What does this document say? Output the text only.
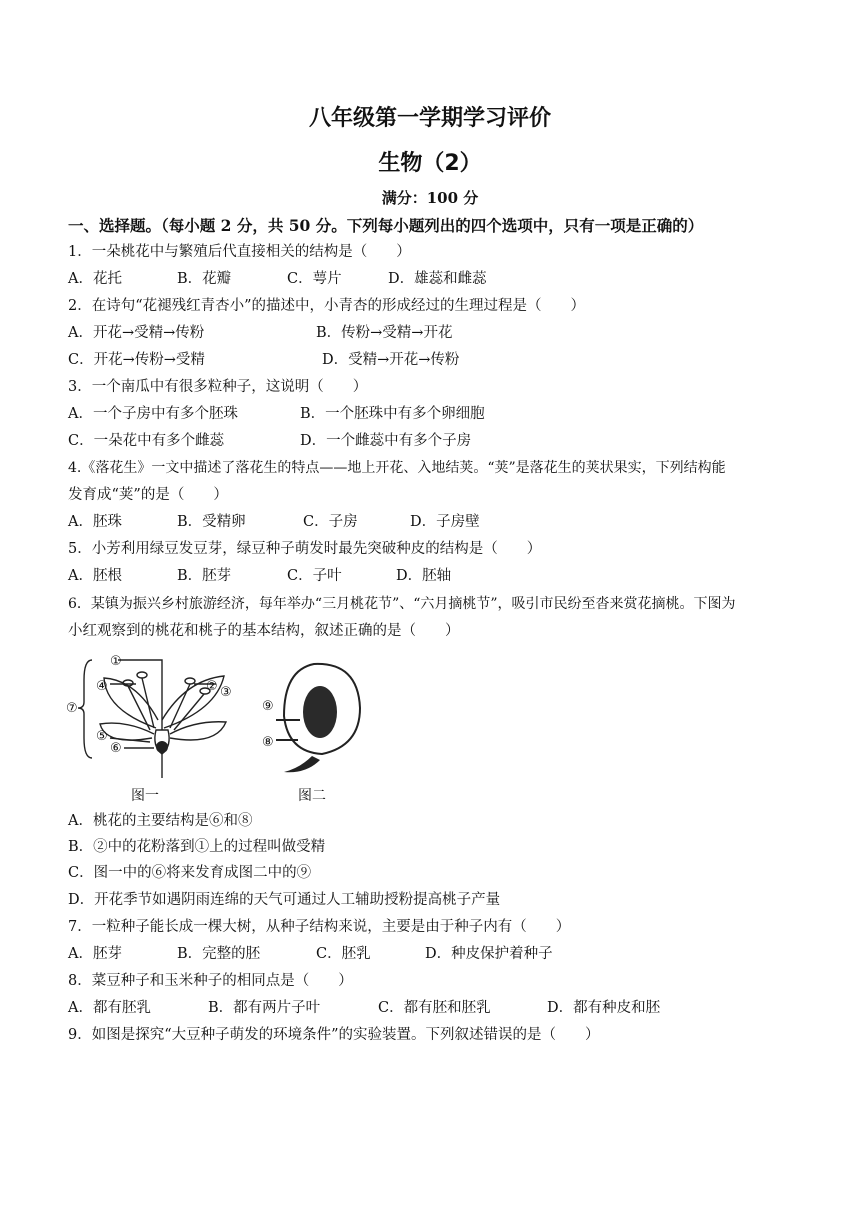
八年级第一学期学习评价
生物（2）
满分：100 分
一、选择题。（每小题 2 分，共 50 分。下列每小题列出的四个选项中，只有一项是正确的）
1．一朵桃花中与繁殖后代直接相关的结构是（　　）
A．花托	B．花瓣	C．萼片	D．雄蕊和雌蕊
2．在诗句“花褪残红青杏小”的描述中，小青杏的形成经过的生理过程是（　　）
A．开花→受精→传粉	B．传粉→受精→开花
C．开花→传粉→受精	D．受精→开花→传粉
3．一个南瓜中有很多粒种子，这说明（　　）
A．一个子房中有多个胚珠	B．一个胚珠中有多个卵细胞
C．一朵花中有多个雌蕊	D．一个雌蕊中有多个子房
4.《落花生》一文中描述了落花生的特点——地上开花、入地结荚。“荚”是落花生的荚状果实，下列结构能
发育成“荚”的是（　　）
A．胚珠	B．受精卵	C．子房	D．子房壁
5．小芳利用绿豆发豆芽，绿豆种子萌发时最先突破种皮的结构是（　　）
A．胚根	B．胚芽	C．子叶	D．胚轴
6．某镇为振兴乡村旅游经济，每年举办“三月桃花节”、“六月摘桃节”，吸引市民纷至沓来赏花摘桃。下图为
小红观察到的桃花和桃子的基本结构，叙述正确的是（　　）
①
② ③
④
⑤
⑥
⑦	⑨
⑧
图一	图二
A．桃花的主要结构是⑥和⑧
B．②中的花粉落到①上的过程叫做受精
C．图一中的⑥将来发育成图二中的⑨
D．开花季节如遇阴雨连绵的天气可通过人工辅助授粉提高桃子产量
7．一粒种子能长成一棵大树，从种子结构来说，主要是由于种子内有（　　）
A．胚芽	B．完整的胚	C．胚乳	D．种皮保护着种子
8．菜豆种子和玉米种子的相同点是（　　）
A．都有胚乳	B．都有两片子叶	C．都有胚和胚乳	D．都有种皮和胚
9．如图是探究“大豆种子萌发的环境条件”的实验装置。下列叙述错误的是（　　）
